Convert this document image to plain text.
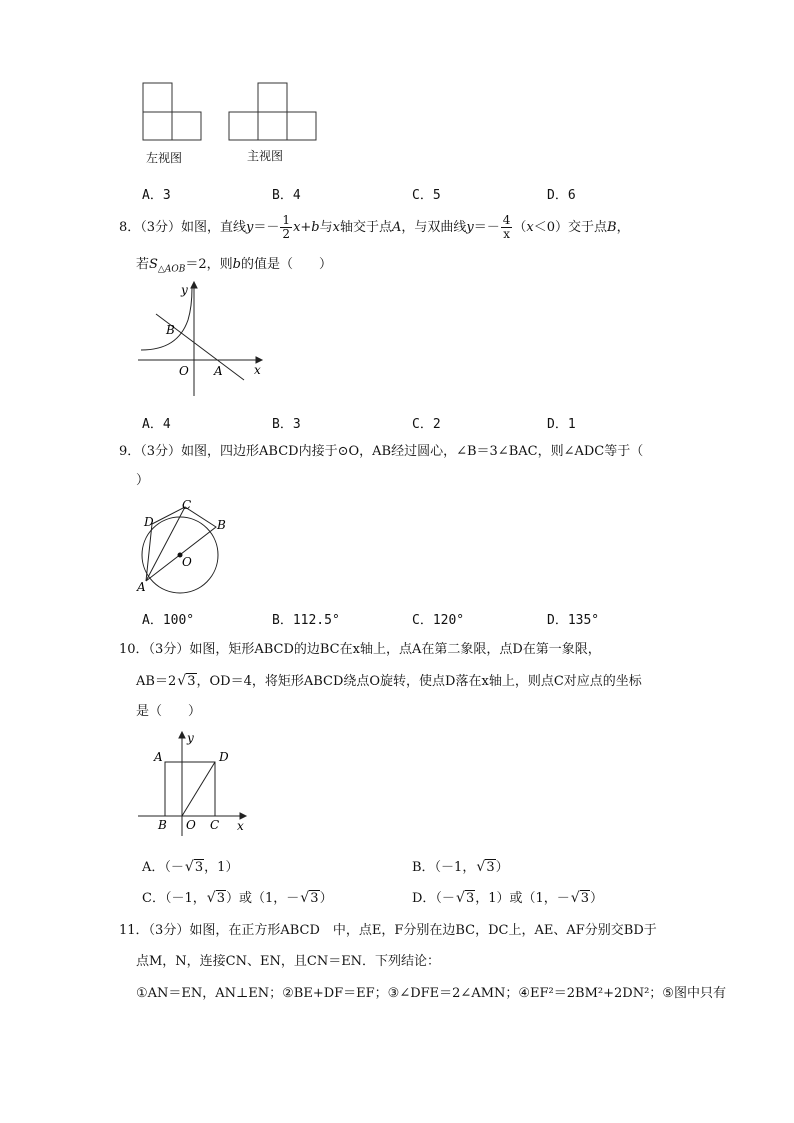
左视图	主视图
A．3	B．4	C．5	D．6
8．（3分）如图，直线$y=- \frac{1}{2} x+b$与x轴交于点A，与双曲线$y=- \frac{4}{x} (x<0)$交于点B，
若$S_{\triangle AOB}=2$，则b的值是（　　）
y
B
O A	x
A．4	B．3	C．2	D．1
9．（3分）如图，四边形ABCD内接于⊙O，AB经过圆心，∠B＝3∠BAC，则∠ADC等于（
）
C
D	B
O
A
A．100°	B．112.5°	C．120°	D．135°
10．（3分）如图，矩形ABCD的边BC在x轴上，点A在第二象限，点D在第一象限，
AB＝2 √ 3，OD＝4，将矩形ABCD绕点O旋转，使点D落在x轴上，则点C对应点的坐标
是（　　）
y
A	D
B O C x
A．（－ √ 3，1）	B．（－1， √ 3）
C．（－1， √ 3）或（1，－ √ 3）	D．（－ √ 3，1）或（1，－ √ 3）
11．（3分）如图，在正方形ABCD　中，点E，F分别在边BC，DC上，AE、AF分别交BD于
点M，N，连接CN、EN，且CN＝EN．下列结论：
①AN＝EN，AN⊥EN；②BE+DF＝EF；③∠DFE＝2∠AMN；④EF²＝2BM²+2DN²；⑤图中只有
